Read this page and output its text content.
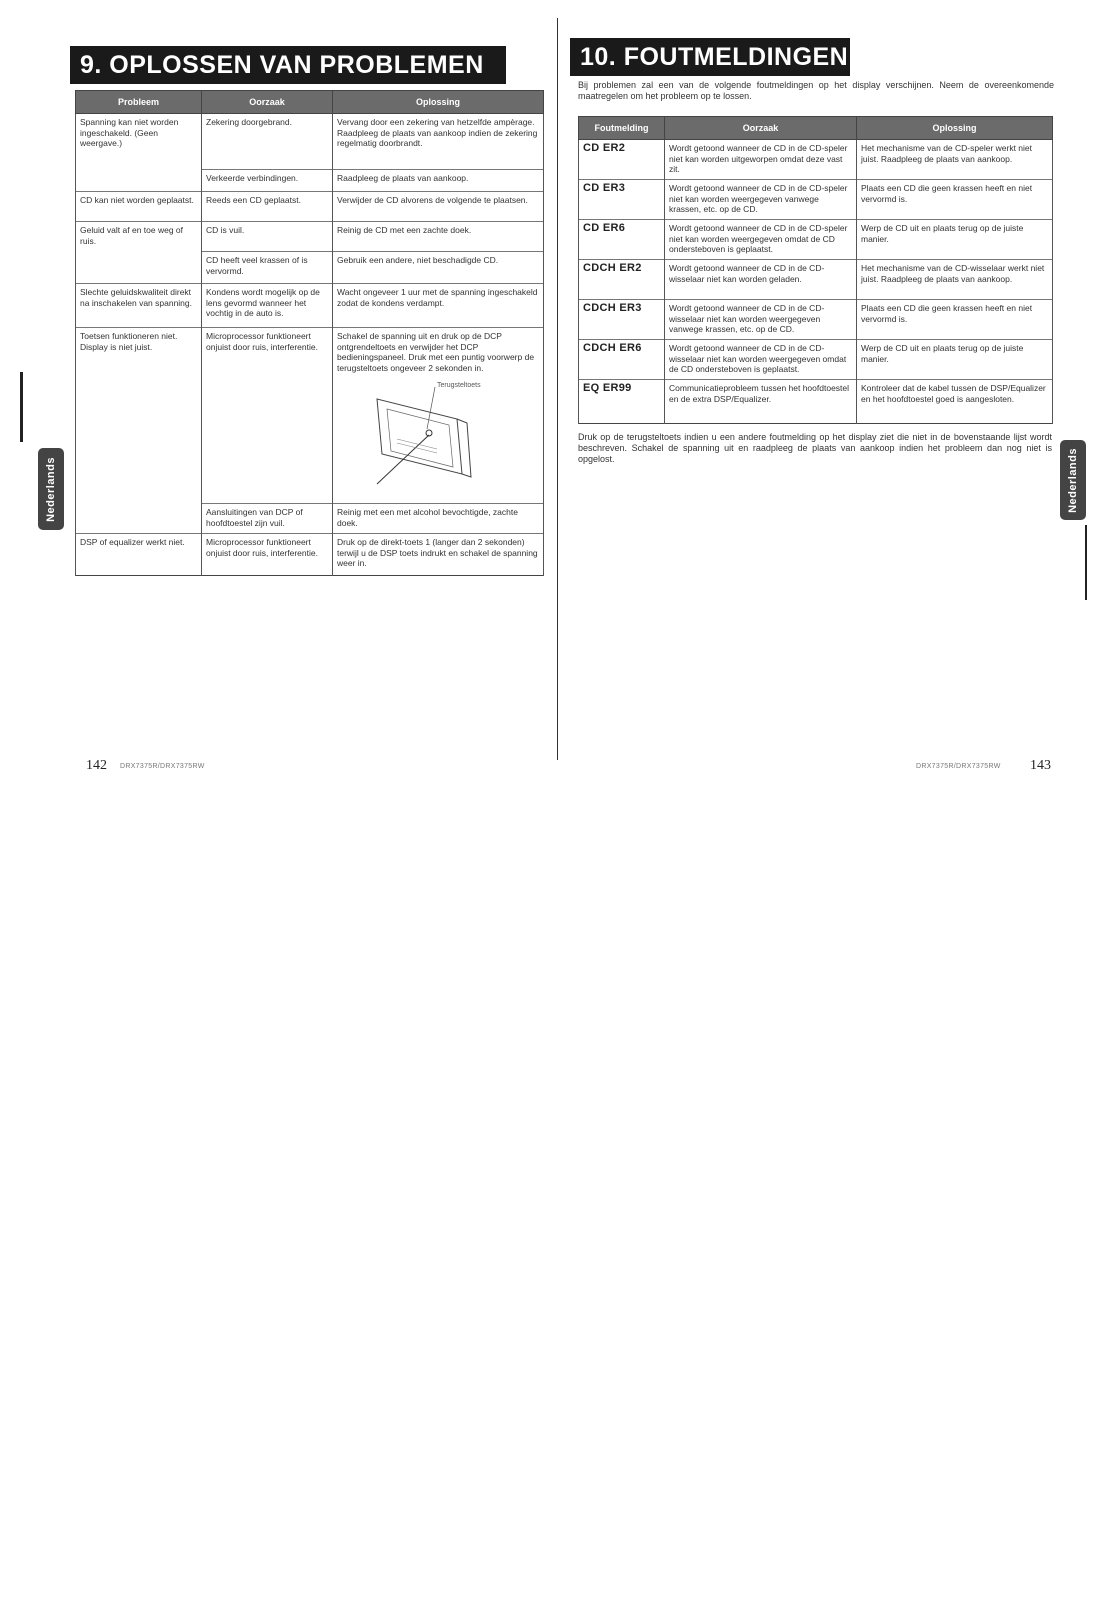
9. OPLOSSEN VAN PROBLEMEN
Probleem	Oorzaak	Oplossing
Spanning kan niet worden ingeschakeld. (Geen weergave.)	Zekering doorgebrand.	Vervang door een zekering van hetzelfde ampèrage. Raadpleeg de plaats van aankoop indien de zekering regelmatig doorbrandt.
	Verkeerde verbindingen.	Raadpleeg de plaats van aankoop.
CD kan niet worden geplaatst.	Reeds een CD geplaatst.	Verwijder de CD alvorens de volgende te plaatsen.
Geluid valt af en toe weg of ruis.	CD is vuil.	Reinig de CD met een zachte doek.
	CD heeft veel krassen of is vervormd.	Gebruik een andere, niet beschadigde CD.
Slechte geluidskwaliteit direkt na inschakelen van spanning.	Kondens wordt mogelijk op de lens gevormd wanneer het vochtig in de auto is.	Wacht ongeveer 1 uur met de spanning ingeschakeld zodat de kondens verdampt.
Toetsen funktioneren niet. Display is niet juist.	Microprocessor funktioneert onjuist door ruis, interferentie.	Schakel de spanning uit en druk op de DCP ontgrendeltoets en verwijder het DCP bedieningspaneel. Druk met een puntig voorwerp de terugsteltoets ongeveer 2 sekonden in.
Terugsteltoets

	Aansluitingen van DCP of hoofdtoestel zijn vuil.	Reinig met een met alcohol bevochtigde, zachte doek.
DSP of equalizer werkt niet.	Microprocessor funktioneert onjuist door ruis, interferentie.	Druk op de direkt-toets 1 (langer dan 2 sekonden) terwijl u de DSP toets indrukt en schakel de spanning weer in.
Nederlands
142 DRX7375R/DRX7375RW
10. FOUTMELDINGEN

Bij problemen zal een van de volgende foutmeldingen op het display verschijnen. Neem de overeenkomende maatregelen om het probleem op te lossen.

Foutmelding	Oorzaak	Oplossing
CD ER2	Wordt getoond wanneer de CD in de CD-speler niet kan worden uitgeworpen omdat deze vast zit.	Het mechanisme van de CD-speler werkt niet juist. Raadpleeg de plaats van aankoop.
CD ER3	Wordt getoond wanneer de CD in de CD-speler niet kan worden weergegeven vanwege krassen, etc. op de CD.	Plaats een CD die geen krassen heeft en niet vervormd is.
CD ER6	Wordt getoond wanneer de CD in de CD-speler niet kan worden weergegeven omdat de CD ondersteboven is geplaatst.	Werp de CD uit en plaats terug op de juiste manier.
CDCH ER2	Wordt getoond wanneer de CD in de CD-wisselaar niet kan worden geladen.	Het mechanisme van de CD-wisselaar werkt niet juist. Raadpleeg de plaats van aankoop.
CDCH ER3	Wordt getoond wanneer de CD in de CD-wisselaar niet kan worden weergegeven vanwege krassen, etc. op de CD.	Plaats een CD die geen krassen heeft en niet vervormd is.
CDCH ER6	Wordt getoond wanneer de CD in de CD-wisselaar niet kan worden weergegeven omdat de CD ondersteboven is geplaatst.	Werp de CD uit en plaats terug op de juiste manier.
EQ ER99	Communicatieprobleem tussen het hoofdtoestel en de extra DSP/Equalizer.	Kontroleer dat de kabel tussen de DSP/Equalizer en het hoofdtoestel goed is aangesloten.

Druk op de terugsteltoets indien u een andere foutmelding op het display ziet die niet in de bovenstaande lijst wordt beschreven. Schakel de spanning uit en raadpleeg de plaats van aankoop indien het probleem dan nog niet is opgelost.	Nederlands
DRX7375R/DRX7375RW 143
